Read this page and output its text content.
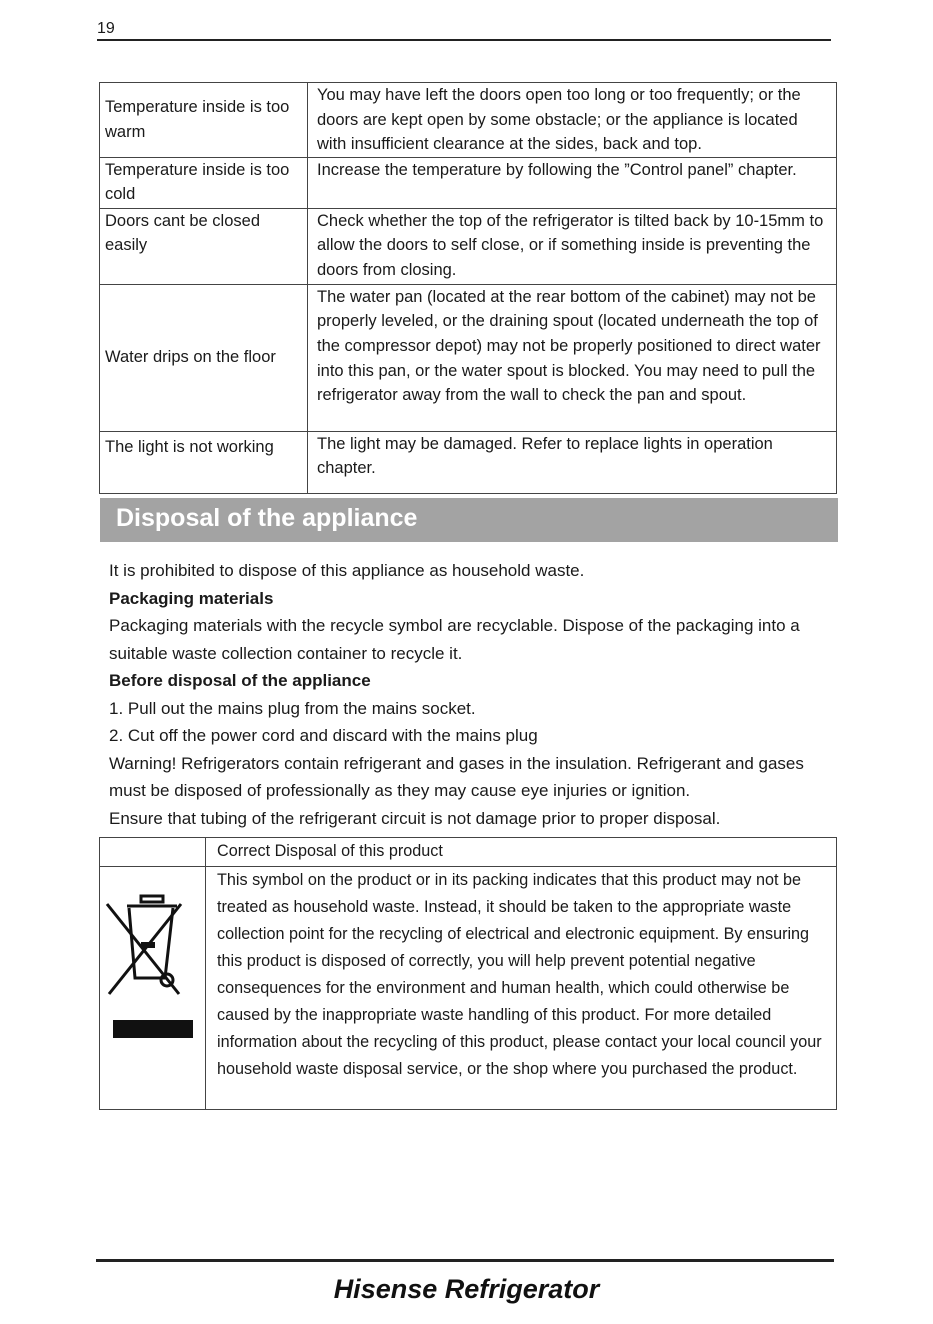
19
Temperature inside is too warm	You may have left the doors open too long or too frequently; or the doors are kept open by some obstacle; or the appliance is located with insufficient clearance at the sides, back and top.
Temperature inside is too cold	Increase the temperature by following the ”Control panel” chapter.
Doors cant be closed easily	Check whether the top of the refrigerator is tilted back by 10-15mm to allow the doors to self close, or if something inside is preventing the doors from closing.
Water drips on the floor	The water pan (located at the rear bottom of the cabinet) may not be properly leveled, or the draining spout (located underneath the top of the compressor depot) may not be properly positioned to direct water into this pan, or the water spout is blocked. You may need to pull the refrigerator away from the wall to check the pan and spout.
The light is not working	The light may be damaged. Refer to replace lights in operation chapter.
Disposal of the appliance

It is prohibited to dispose of this appliance as household waste.

Packaging materials

Packaging materials with the recycle symbol are recyclable. Dispose of the packaging into a suitable waste collection container to recycle it.

Before disposal of the appliance

1. Pull out the mains plug from the mains socket.

2. Cut off the power cord and discard with the mains plug

Warning! Refrigerators contain refrigerant and gases in the insulation. Refrigerant and gases must be disposed of professionally as they may cause eye injuries or ignition.

Ensure that tubing of the refrigerant circuit is not damage prior to proper disposal.

	Correct Disposal of this product
	This symbol on the product or in its packing indicates that this product may not be treated as household waste. Instead, it should be taken to the appropriate waste collection point for the recycling of electrical and electronic equipment. By ensuring this product is disposed of correctly, you will help prevent potential negative consequences for the environment and human health, which could otherwise be caused by the inappropriate waste handling of this product. For more detailed information about the recycling of this product, please contact your local council your household waste disposal service, or the shop where you purchased the product.
Hisense Refrigerator
